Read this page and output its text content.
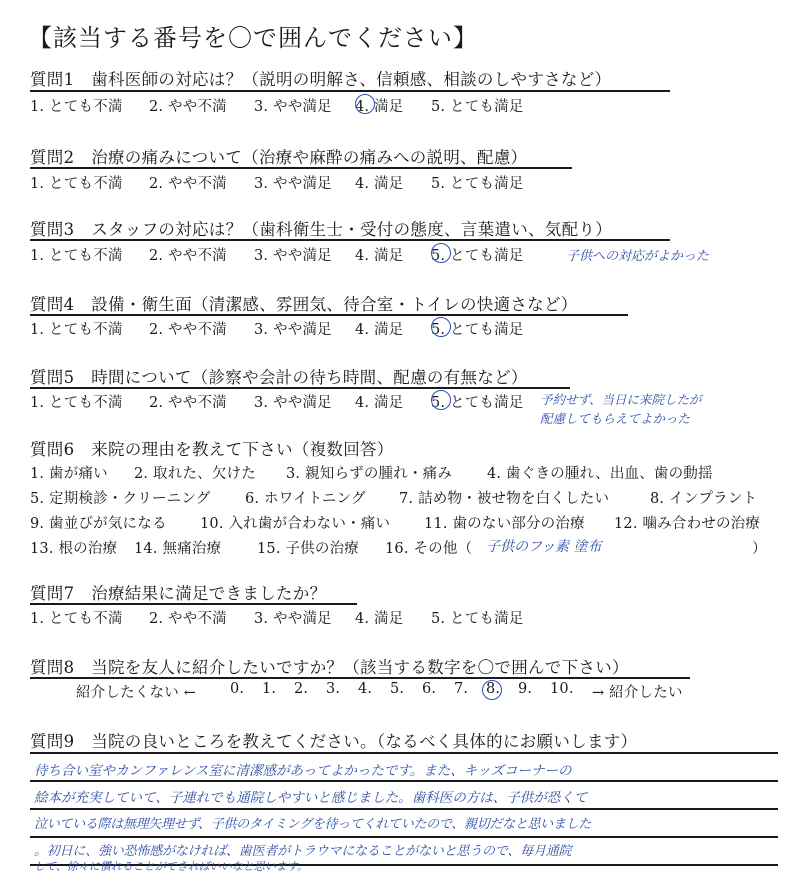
【該当する番号を〇で囲んでください】
質問1　歯科医師の対応は？（説明の明解さ、信頼感、相談のしやすさなど）
1. とても不満 2. やや不満 3. やや満足 4. 満足 5. とても満足
質問2　治療の痛みについて（治療や麻酔の痛みへの説明、配慮）
1. とても不満 2. やや不満 3. やや満足 4. 満足 5. とても満足
質問3　スタッフの対応は？（歯科衛生士・受付の態度、言葉遣い、気配り）
1. とても不満 2. やや不満 3. やや満足 4. 満足 5. とても満足	子供への対応がよかった
質問4　設備・衛生面（清潔感、雰囲気、待合室・トイレの快適さなど）
1. とても不満 2. やや不満 3. やや満足 4. 満足 5. とても満足
質問5　時間について（診察や会計の待ち時間、配慮の有無など）
1. とても不満 2. やや不満 3. やや満足 4. 満足 5. とても満足 予約せず、当日に来院したが
配慮してもらえてよかった
質問6　来院の理由を教えて下さい（複数回答）
1. 歯が痛い 2. 取れた、欠けた 3. 親知らずの腫れ・痛み 4. 歯ぐきの腫れ、出血、歯の動揺
5. 定期検診・クリーニング 6. ホワイトニング 7. 詰め物・被せ物を白くしたい	8. インプラント
9. 歯並びが気になる 10. 入れ歯が合わない・痛い 11. 歯のない部分の治療 12. 噛み合わせの治療
13. 根の治療 14. 無痛治療 15. 子供の治療 16. その他（	）
子供のフッ素 塗布
質問7　治療結果に満足できましたか？
1. とても不満 2. やや不満 3. やや満足 4. 満足 5. とても満足
質問8　当院を友人に紹介したいですか？（該当する数字を〇で囲んで下さい）
紹介したくない ← 0. 1. 2. 3. 4. 5. 6. 7. 8. 9. 10. → 紹介したい
質問9　当院の良いところを教えてください。（なるべく具体的にお願いします）
待ち合い室やカンファレンス室に清潔感があってよかったです。また、キッズコーナーの
絵本が充実していて、子連れでも通院しやすいと感じました。歯科医の方は、子供が恐くて
泣いている際は無理矢理せず、子供のタイミングを待ってくれていたので、親切だなと思いました
。初日に、強い恐怖感がなければ、歯医者がトラウマになることがないと思うので、毎月通院
して、徐々に慣れることができればいいなと思います。
